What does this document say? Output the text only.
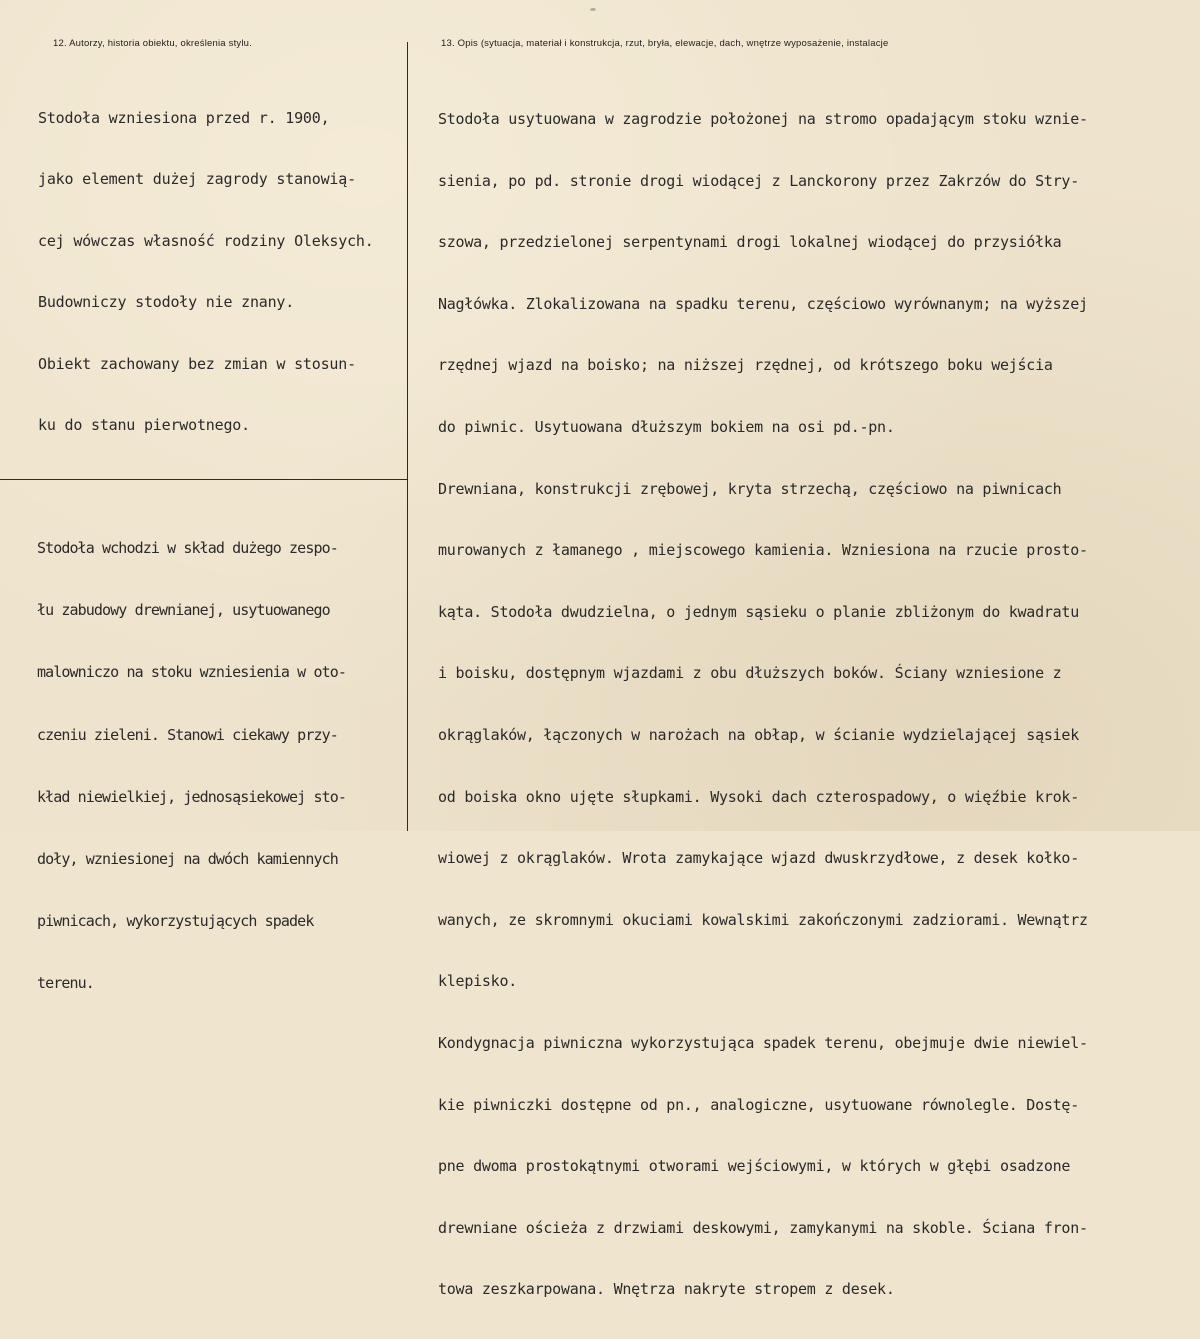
12. Autorzy, historia obiektu, określenia stylu.	13. Opis (sytuacja, materiał i konstrukcja, rzut, bryła, elewacje, dach, wnętrze wyposażenie, instalacje

Stodoła wzniesiona przed r. 1900,

jako element dużej zagrody stanowią-

cej wówczas własność rodziny Oleksych.

Budowniczy stodoły nie znany.

Obiekt zachowany bez zmian w stosun-

ku do stanu pierwotnego.

Stodoła wchodzi w skład dużego zespo-

łu zabudowy drewnianej, usytuowanego

malowniczo na stoku wzniesienia w oto-

czeniu zieleni. Stanowi ciekawy przy-

kład niewielkiej, jednosąsiekowej sto-

doły, wzniesionej na dwóch kamiennych

piwnicach, wykorzystujących spadek

terenu.

Stodoła usytuowana w zagrodzie położonej na stromo opadającym stoku wznie-

sienia, po pd. stronie drogi wiodącej z Lanckorony przez Zakrzów do Stry-

szowa, przedzielonej serpentynami drogi lokalnej wiodącej do przysiółka

Nagłówka. Zlokalizowana na spadku terenu, częściowo wyrównanym; na wyższej

rzędnej wjazd na boisko; na niższej rzędnej, od krótszego boku wejścia

do piwnic. Usytuowana dłuższym bokiem na osi pd.-pn.

Drewniana, konstrukcji zrębowej, kryta strzechą, częściowo na piwnicach

murowanych z łamanego , miejscowego kamienia. Wzniesiona na rzucie prosto-

kąta. Stodoła dwudzielna, o jednym sąsieku o planie zbliżonym do kwadratu

i boisku, dostępnym wjazdami z obu dłuższych boków. Ściany wzniesione z

okrąglaków, łączonych w narożach na obłap, w ścianie wydzielającej sąsiek

od boiska okno ujęte słupkami. Wysoki dach czterospadowy, o więźbie krok-

wiowej z okrąglaków. Wrota zamykające wjazd dwuskrzydłowe, z desek kołko-

wanych, ze skromnymi okuciami kowalskimi zakończonymi zadziorami. Wewnątrz

klepisko.

Kondygnacja piwniczna wykorzystująca spadek terenu, obejmuje dwie niewiel-

kie piwniczki dostępne od pn., analogiczne, usytuowane równolegle. Dostę-

pne dwoma prostokątnymi otworami wejściowymi, w których w głębi osadzone

drewniane ościeża z drzwiami deskowymi, zamykanymi na skoble. Ściana fron-

towa zeszkarpowana. Wnętrza nakryte stropem z desek.
